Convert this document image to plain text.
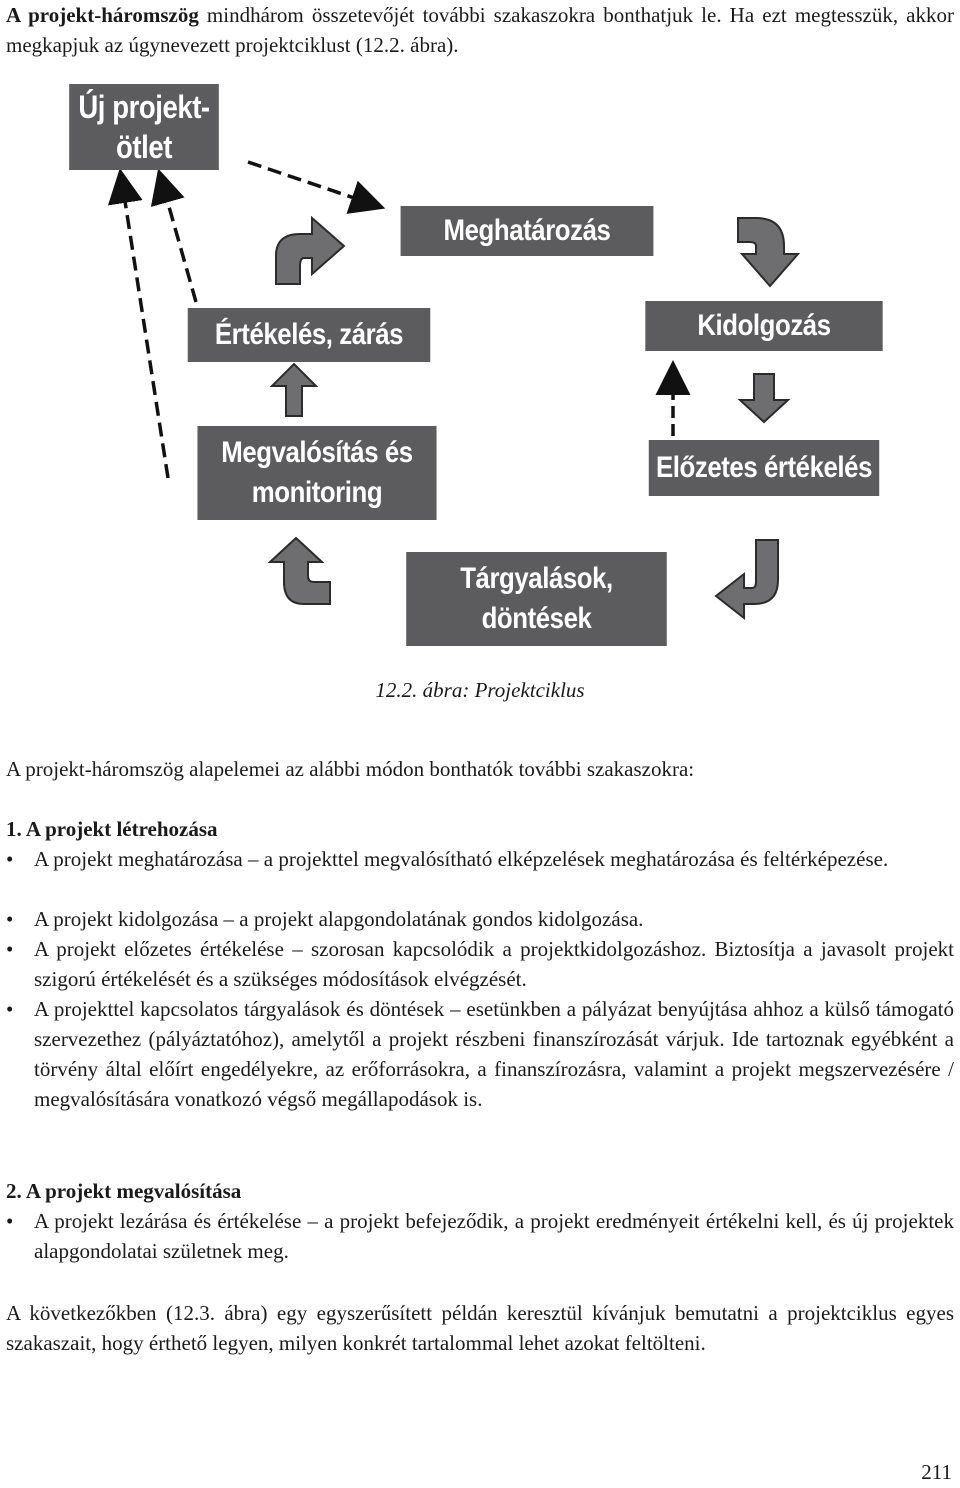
A projekt-háromszög mindhárom összetevőjét további szakaszokra bonthatjuk le. Ha ezt megtesszük, akkor megkapjuk az úgynevezett projektciklust (12.2. ábra).

Új projekt-
ötlet
Meghatározás
Értékelés, zárás	Kidolgozás
Megvalósítás és
monitoring
Előzetes értékelés
Tárgyalások,
döntések
12.2. ábra: Projektciklus

A projekt-háromszög alapelemei az alábbi módon bonthatók további szakaszokra:

1. A projekt létrehozása

• A projekt meghatározása – a projekttel megvalósítható elképzelések meghatározása és feltérképezése.
• A projekt kidolgozása – a projekt alapgondolatának gondos kidolgozása.
• A projekt előzetes értékelése – szorosan kapcsolódik a projektkidolgozáshoz. Biztosítja a javasolt projekt szigorú értékelését és a szükséges módosítások elvégzését.
• A projekttel kapcsolatos tárgyalások és döntések – esetünkben a pályázat benyújtása ahhoz a külső támogató szervezethez (pályáztatóhoz), amelytől a projekt részbeni finanszírozását várjuk. Ide tartoznak egyébként a törvény által előírt engedélyekre, az erőforrásokra, a finanszírozásra, valamint a projekt megszervezésére / megvalósítására vonatkozó végső megállapodások is.

2. A projekt megvalósítása

• A projekt lezárása és értékelése – a projekt befejeződik, a projekt eredményeit értékelni kell, és új projektek alapgondolatai születnek meg.

A következőkben (12.3. ábra) egy egyszerűsített példán keresztül kívánjuk bemutatni a projektciklus egyes szakaszait, hogy érthető legyen, milyen konkrét tartalommal lehet azokat feltölteni.

211
